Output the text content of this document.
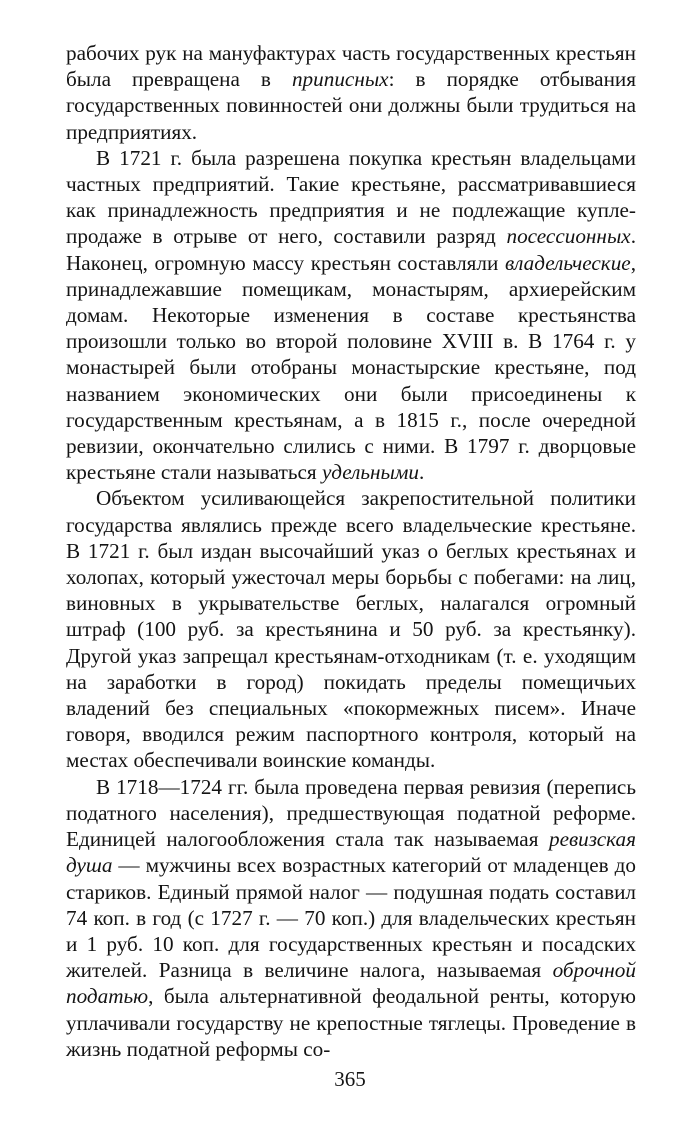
рабочих рук на мануфактурах часть государственных крестьян была превращена в приписных: в порядке отбывания государственных повинностей они должны были трудиться на предприятиях.

В 1721 г. была разрешена покупка крестьян владельцами частных предприятий. Такие крестьяне, рассматривавшиеся как принадлежность предприятия и не подлежащие купле-продаже в отрыве от него, составили разряд посессионных. Наконец, огромную массу крестьян составляли владельческие, принадлежавшие помещикам, монастырям, архиерейским домам. Некоторые изменения в составе крестьянства произошли только во второй половине XVIII в. В 1764 г. у монастырей были отобраны монастырские крестьяне, под названием экономических они были присоединены к государственным крестьянам, а в 1815 г., после очередной ревизии, окончательно слились с ними. В 1797 г. дворцовые крестьяне стали называться удельными.

Объектом усиливающейся закрепостительной политики государства являлись прежде всего владельческие крестьяне. В 1721 г. был издан высочайший указ о беглых крестьянах и холопах, который ужесточал меры борьбы с побегами: на лиц, виновных в укрывательстве беглых, налагался огромный штраф (100 руб. за крестьянина и 50 руб. за крестьянку). Другой указ запрещал крестьянам-отходникам (т. е. уходящим на заработки в город) покидать пределы помещичьих владений без специальных «покормежных писем». Иначе говоря, вводился режим паспортного контроля, который на местах обеспечивали воинские команды.

В 1718—1724 гг. была проведена первая ревизия (перепись податного населения), предшествующая податной реформе. Единицей налогообложения стала так называемая ревизская душа — мужчины всех возрастных категорий от младенцев до стариков. Единый прямой налог — подушная подать составил 74 коп. в год (с 1727 г. — 70 коп.) для владельческих крестьян и 1 руб. 10 коп. для государственных крестьян и посадских жителей. Разница в величине налога, называемая оброчной податью, была альтернативной феодальной ренты, которую уплачивали государству не крепостные тяглецы. Проведение в жизнь податной реформы со-

365
